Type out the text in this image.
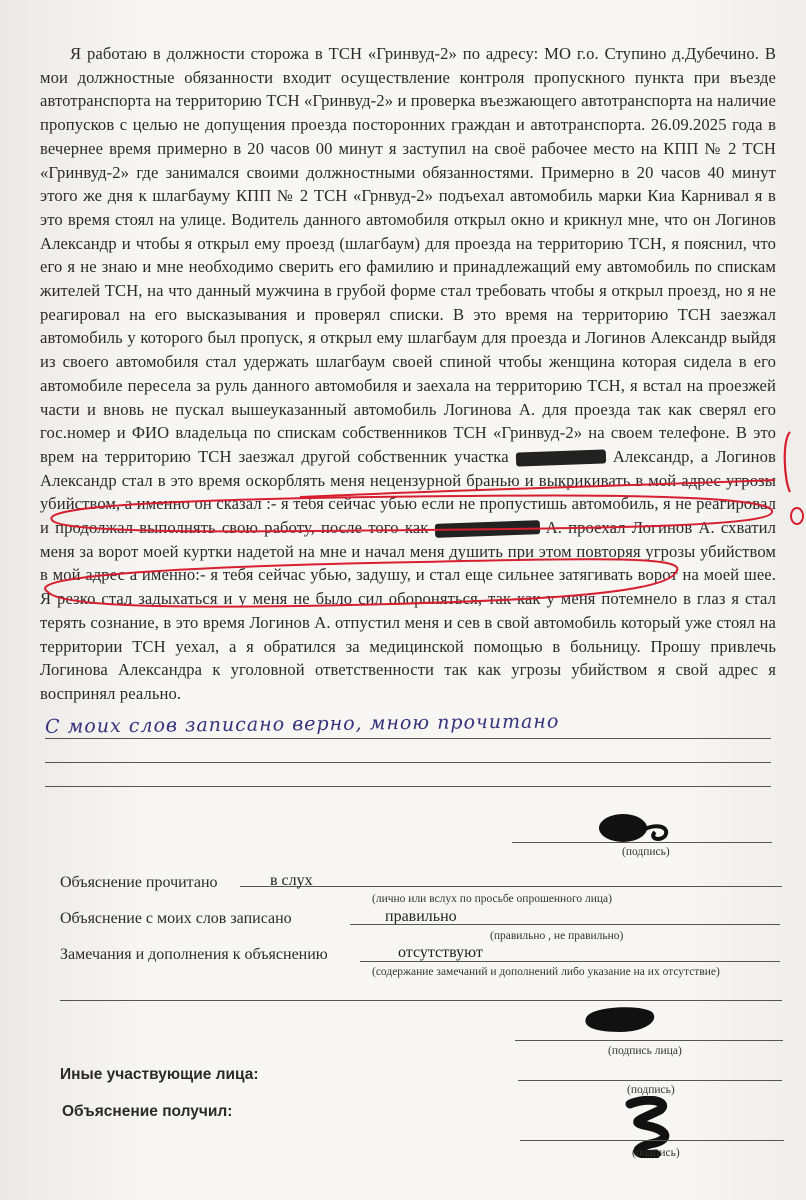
Я работаю в должности сторожа в ТСН «Гринвуд-2» по адресу: МО г.о. Ступино д.Дубечино. В мои должностные обязанности входит осуществление контроля пропускного пункта при въезде автотранспорта на территорию ТСН «Гринвуд-2» и проверка въезжающего автотранспорта на наличие пропусков с целью не допущения проезда посторонних граждан и автотранспорта. 26.09.2025 года в вечернее время примерно в 20 часов 00 минут я заступил на своё рабочее место на КПП № 2 ТСН «Гринвуд-2» где занимался своими должностными обязанностями. Примерно в 20 часов 40 минут этого же дня к шлагбауму КПП № 2 ТСН «Грнвуд-2» подъехал автомобиль марки Киа Карнивал я в это время стоял на улице. Водитель данного автомобиля открыл окно и крикнул мне, что он Логинов Александр и чтобы я открыл ему проезд (шлагбаум) для проезда на территорию ТСН, я пояснил, что его я не знаю и мне необходимо сверить его фамилию и принадлежащий ему автомобиль по спискам жителей ТСН, на что данный мужчина в грубой форме стал требовать чтобы я открыл проезд, но я не реагировал на его высказывания и проверял списки. В это время на территорию ТСН заезжал автомобиль у которого был пропуск, я открыл ему шлагбаум для проезда и Логинов Александр выйдя из своего автомобиля стал удержать шлагбаум своей спиной чтобы женщина которая сидела в его автомобиле пересела за руль данного автомобиля и заехала на территорию ТСН, я встал на проезжей части и вновь не пускал вышеуказанный автомобиль Логинова А. для проезда так как сверял его гос.номер и ФИО владельца по спискам собственников ТСН «Гринвуд-2» на своем телефоне. В это врем на территорию ТСН заезжал другой собственник участка	Александр, а Логинов Александр стал в это время оскорблять меня нецензурной бранью и выкрикивать в мой адрес угрозы убийством, а именно он сказал :- я тебя сейчас убью если не пропустишь автомобиль, я не реагировал и продолжал выполнять свою работу, после того как	А. проехал Логинов А. схватил меня за ворот моей куртки надетой на мне и начал меня душить при этом повторяя угрозы убийством в мой адрес а именно:- я тебя сейчас убью, задушу, и стал еще сильнее затягивать ворот на моей шее. Я резко стал задыхаться и у меня не было сил обороняться, так как у меня потемнело в глаз я стал терять сознание, в это время Логинов А. отпустил меня и сев в свой автомобиль который уже стоял на территории ТСН уехал, а я обратился за медицинской помощью в больницу. Прошу привлечь Логинова Александра к уголовной ответственности так как угрозы убийством я свой адрес я воспринял реально.

С моих слов записано верно, мною прочитано
(подпись)
Объяснение прочитано	в слух
(лично или вслух по просьбе опрошенного лица)
Объяснение с моих слов записано	правильно
(правильно , не правильно)
Замечания и дополнения к объяснению	отсутствуют
(содержание замечаний и дополнений либо указание на их отсутствие)
(подпись лица)
Иные участвующие лица:
(подпись)
Объяснение получил:
(подпись)
